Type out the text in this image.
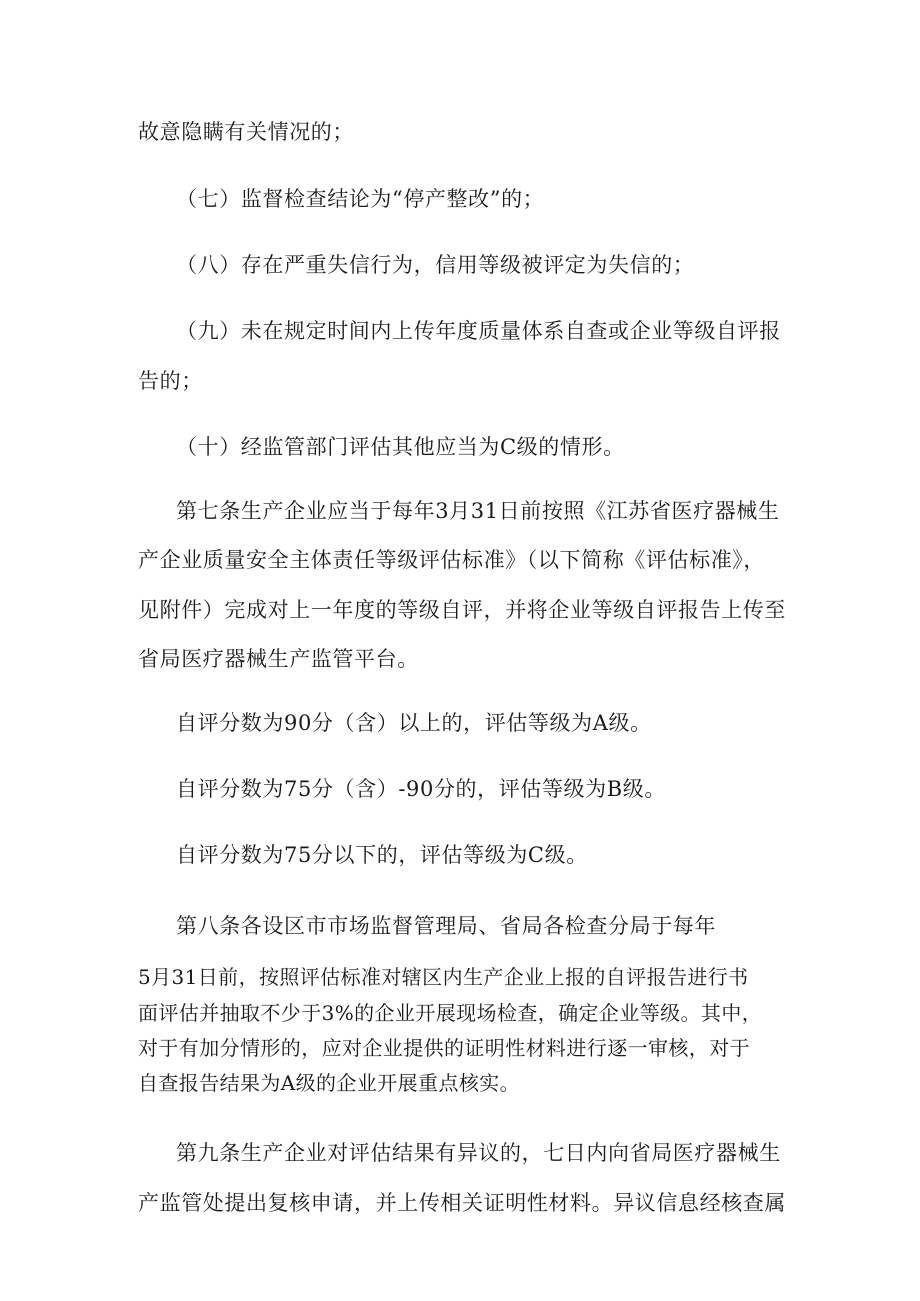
故意隐瞒有关情况的；
（七）监督检查结论为“停产整改”的；
（八）存在严重失信行为，信用等级被评定为失信的；
（九）未在规定时间内上传年度质量体系自查或企业等级自评报
告的；
（十）经监管部门评估其他应当为C级的情形。
第七条生产企业应当于每年3月31日前按照《江苏省医疗器械生
产企业质量安全主体责任等级评估标准》（以下简称《评估标准》，
见附件）完成对上一年度的等级自评，并将企业等级自评报告上传至
省局医疗器械生产监管平台。
自评分数为90分（含）以上的，评估等级为A级。
自评分数为75分（含）-90分的，评估等级为B级。
自评分数为75分以下的，评估等级为C级。
第八条各设区市市场监督管理局、省局各检查分局于每年
5月31日前，按照评估标准对辖区内生产企业上报的自评报告进行书
面评估并抽取不少于3%的企业开展现场检查，确定企业等级。其中，
对于有加分情形的，应对企业提供的证明性材料进行逐一审核，对于
自查报告结果为A级的企业开展重点核实。
第九条生产企业对评估结果有异议的，七日内向省局医疗器械生
产监管处提出复核申请，并上传相关证明性材料。异议信息经核查属
